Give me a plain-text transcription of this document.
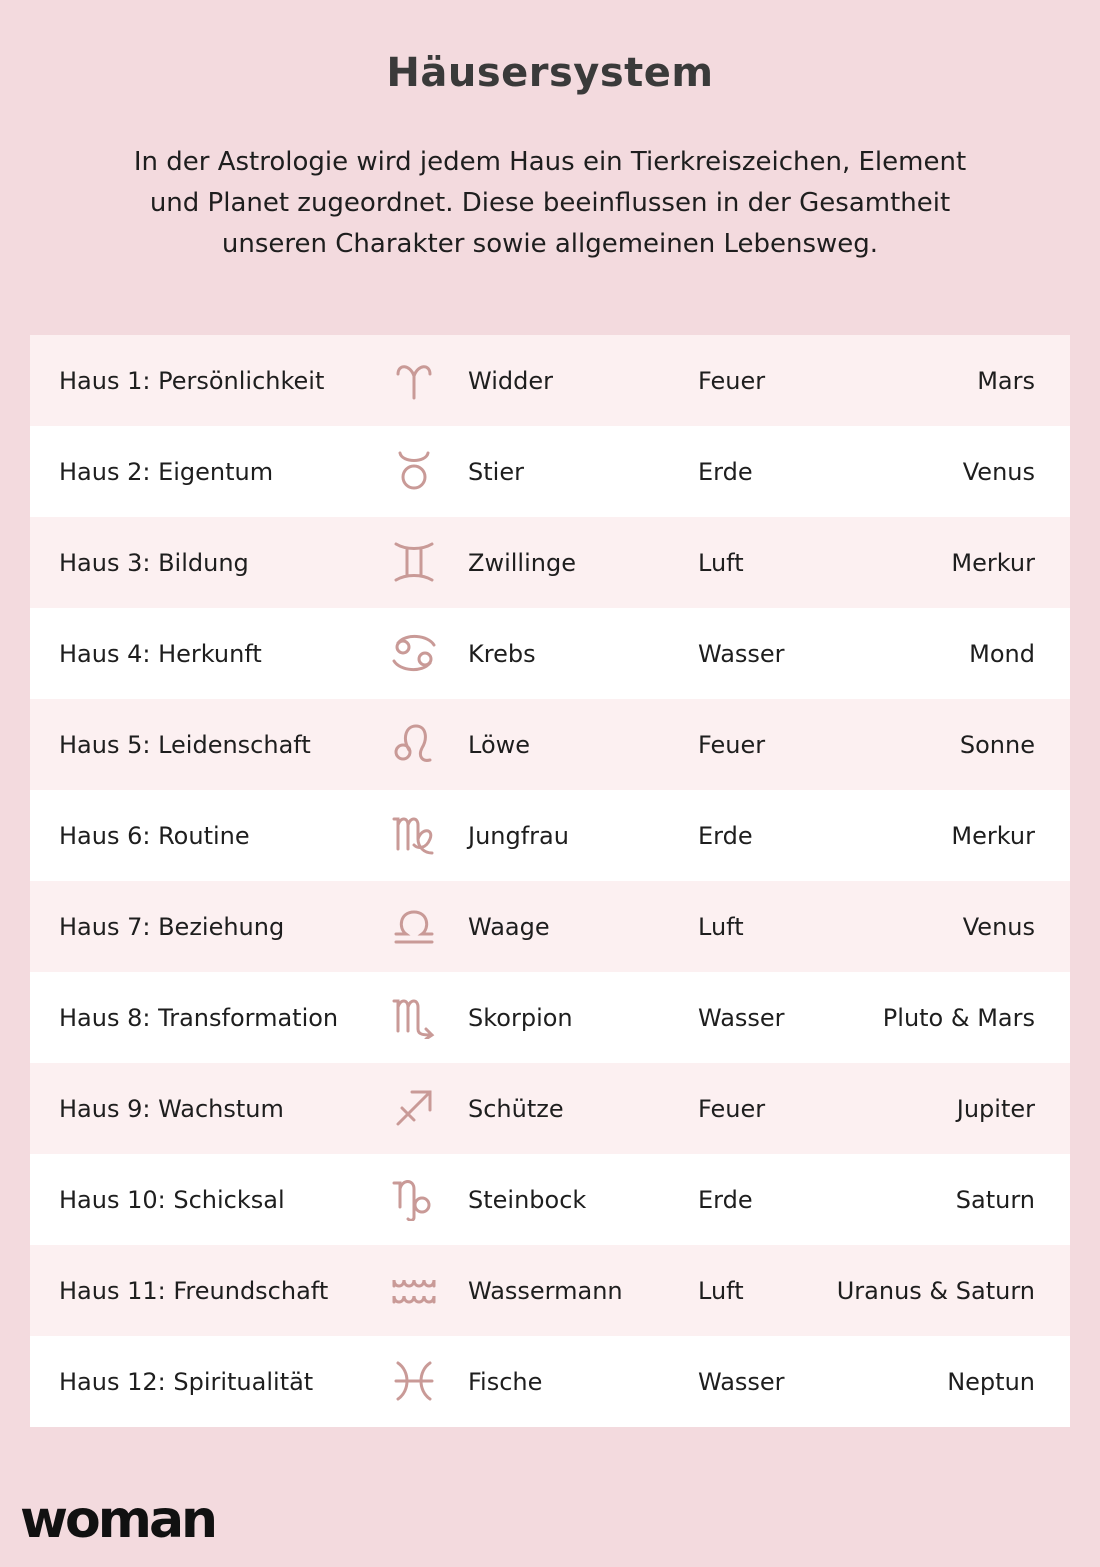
Häusersystem
In der Astrologie wird jedem Haus ein Tierkreiszeichen, Element und Planet zugeordnet. Diese beeinflussen in der Gesamtheit unseren Charakter sowie allgemeinen Lebensweg.
Haus 1: Persönlichkeit	Widder	Feuer	Mars
Haus 2: Eigentum	Stier	Erde	Venus
Haus 3: Bildung	Zwillinge	Luft	Merkur
Haus 4: Herkunft	Krebs	Wasser	Mond
Haus 5: Leidenschaft	Löwe	Feuer	Sonne
Haus 6: Routine	Jungfrau	Erde	Merkur
Haus 7: Beziehung	Waage	Luft	Venus
Haus 8: Transformation	Skorpion	Wasser	Pluto & Mars
Haus 9: Wachstum	Schütze	Feuer	Jupiter
Haus 10: Schicksal	Steinbock	Erde	Saturn
Haus 11: Freundschaft	Wassermann	Luft	Uranus & Saturn
Haus 12: Spiritualität	Fische	Wasser	Neptun
woman
